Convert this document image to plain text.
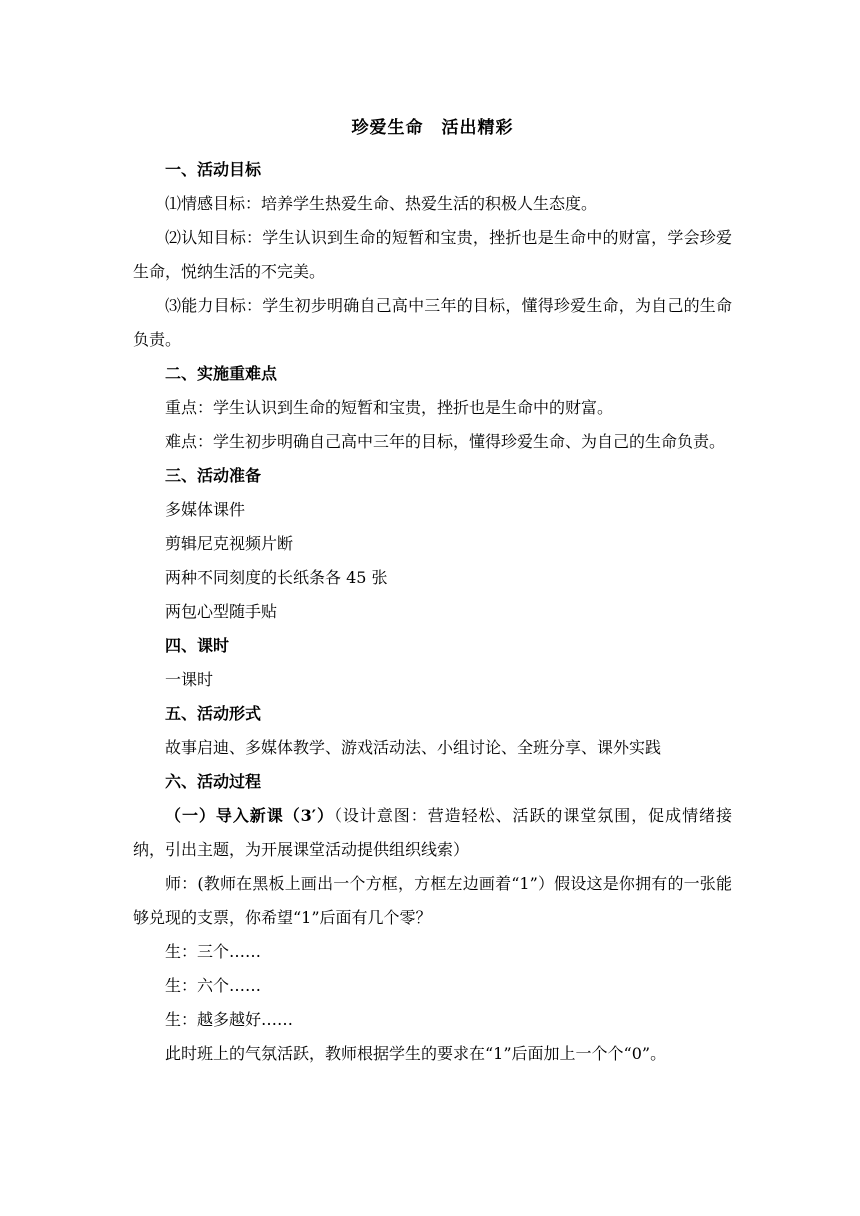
珍爱生命　活出精彩

一、活动目标

⑴情感目标：培养学生热爱生命、热爱生活的积极人生态度。

⑵认知目标：学生认识到生命的短暂和宝贵，挫折也是生命中的财富，学会珍爱生命，悦纳生活的不完美。

⑶能力目标：学生初步明确自己高中三年的目标，懂得珍爱生命，为自己的生命负责。

二、实施重难点

重点：学生认识到生命的短暂和宝贵，挫折也是生命中的财富。

难点：学生初步明确自己高中三年的目标，懂得珍爱生命、为自己的生命负责。

三、活动准备

多媒体课件

剪辑尼克视频片断

两种不同刻度的长纸条各 45 张

两包心型随手贴

四、课时

一课时

五、活动形式

故事启迪、多媒体教学、游戏活动法、小组讨论、全班分享、课外实践

六、活动过程

（一）导入新课（3′）（设计意图：营造轻松、活跃的课堂氛围，促成情绪接纳，引出主题，为开展课堂活动提供组织线索）

师：(教师在黑板上画出一个方框，方框左边画着“1”）假设这是你拥有的一张能够兑现的支票，你希望“1”后面有几个零？

生：三个……

生：六个……

生：越多越好……

此时班上的气氛活跃，教师根据学生的要求在“1”后面加上一个个“0”。
